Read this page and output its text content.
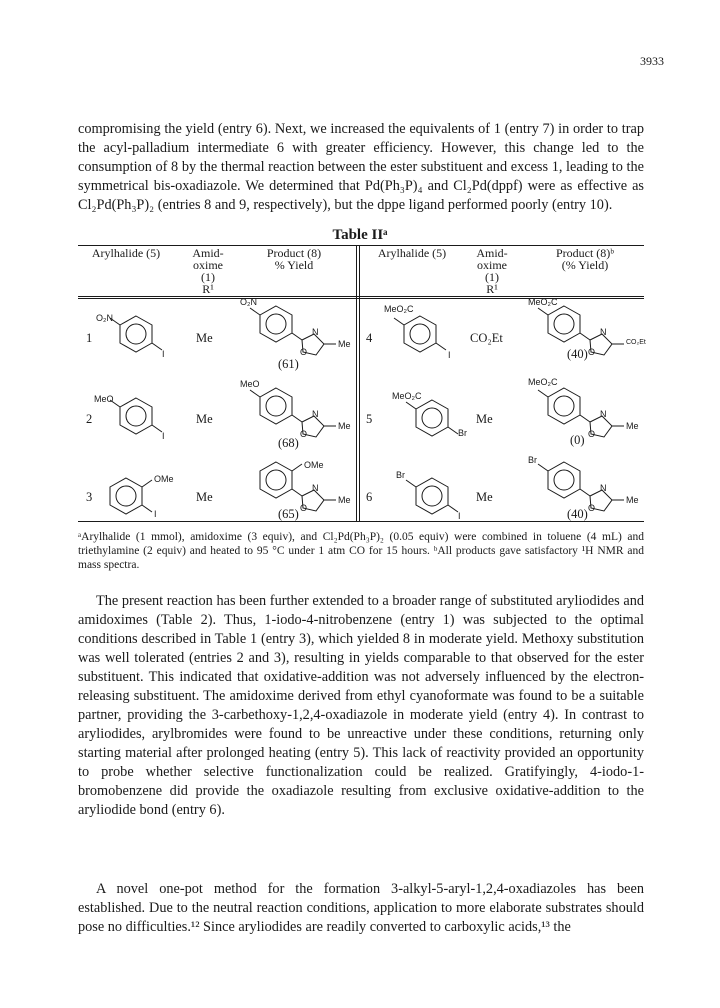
3933

compromising the yield (entry 6). Next, we increased the equivalents of 1 (entry 7) in order to trap the acyl-palladium intermediate 6 with greater efficiency. However, this change led to the consumption of 8 by the thermal reaction between the ester substituent and excess 1, leading to the symmetrical bis-oxadiazole. We determined that Pd(Ph₃P)₄ and Cl₂Pd(dppf) were as effective as Cl₂Pd(Ph₃P)₂ (entries 8 and 9, respectively), but the dppe ligand performed poorly (entry 10).

Table IIᵃ
Arylhalide (5)	Amid-
oxime
(1)
R¹
Product (8)
% Yield
Arylhalide (5)	Amid-
oxime
(1)
R¹
Product (8)ᵇ
(% Yield)
1
2
3
4
5
6
Me
Me
Me
CO₂Et
Me
Me
(61)
(68)
(65)
(40)
(0)
(40)
O₂N
I
MeO
I
OMe
I
MeO₂C
I
MeO₂C
Br
Br
I
O₂N
N
O
Me
MeO
N
O
Me
OMe
N
O
Me
MeO₂C
N
O
CO₂Et
MeO₂C
N
O
Me
Br
N
O
Me
ᵃArylhalide (1 mmol), amidoxime (3 equiv), and Cl₂Pd(Ph₃P)₂ (0.05 equiv) were combined in toluene (4 mL) and triethylamine (2 equiv) and heated to 95 °C under 1 atm CO for 15 hours. ᵇAll products gave satisfactory ¹H NMR and mass spectra.

The present reaction has been further extended to a broader range of substituted aryliodides and amidoximes (Table 2). Thus, 1-iodo-4-nitrobenzene (entry 1) was subjected to the optimal conditions described in Table 1 (entry 3), which yielded 8 in moderate yield. Methoxy substitution was well tolerated (entries 2 and 3), resulting in yields comparable to that observed for the ester substituent. This indicated that oxidative-addition was not adversely influenced by the electron-releasing substituent. The amidoxime derived from ethyl cyanoformate was found to be a suitable partner, providing the 3-carbethoxy-1,2,4-oxadiazole in moderate yield (entry 4). In contrast to aryliodides, arylbromides were found to be unreactive under these conditions, returning only starting material after prolonged heating (entry 5). This lack of reactivity provided an opportunity to probe whether selective functionalization could be realized. Gratifyingly, 4-iodo-1-bromobenzene did provide the oxadiazole resulting from exclusive oxidative-addition to the aryliodide bond (entry 6).

A novel one-pot method for the formation 3-alkyl-5-aryl-1,2,4-oxadiazoles has been established. Due to the neutral reaction conditions, application to more elaborate substrates should pose no difficulties.¹² Since aryliodides are readily converted to carboxylic acids,¹³ the
